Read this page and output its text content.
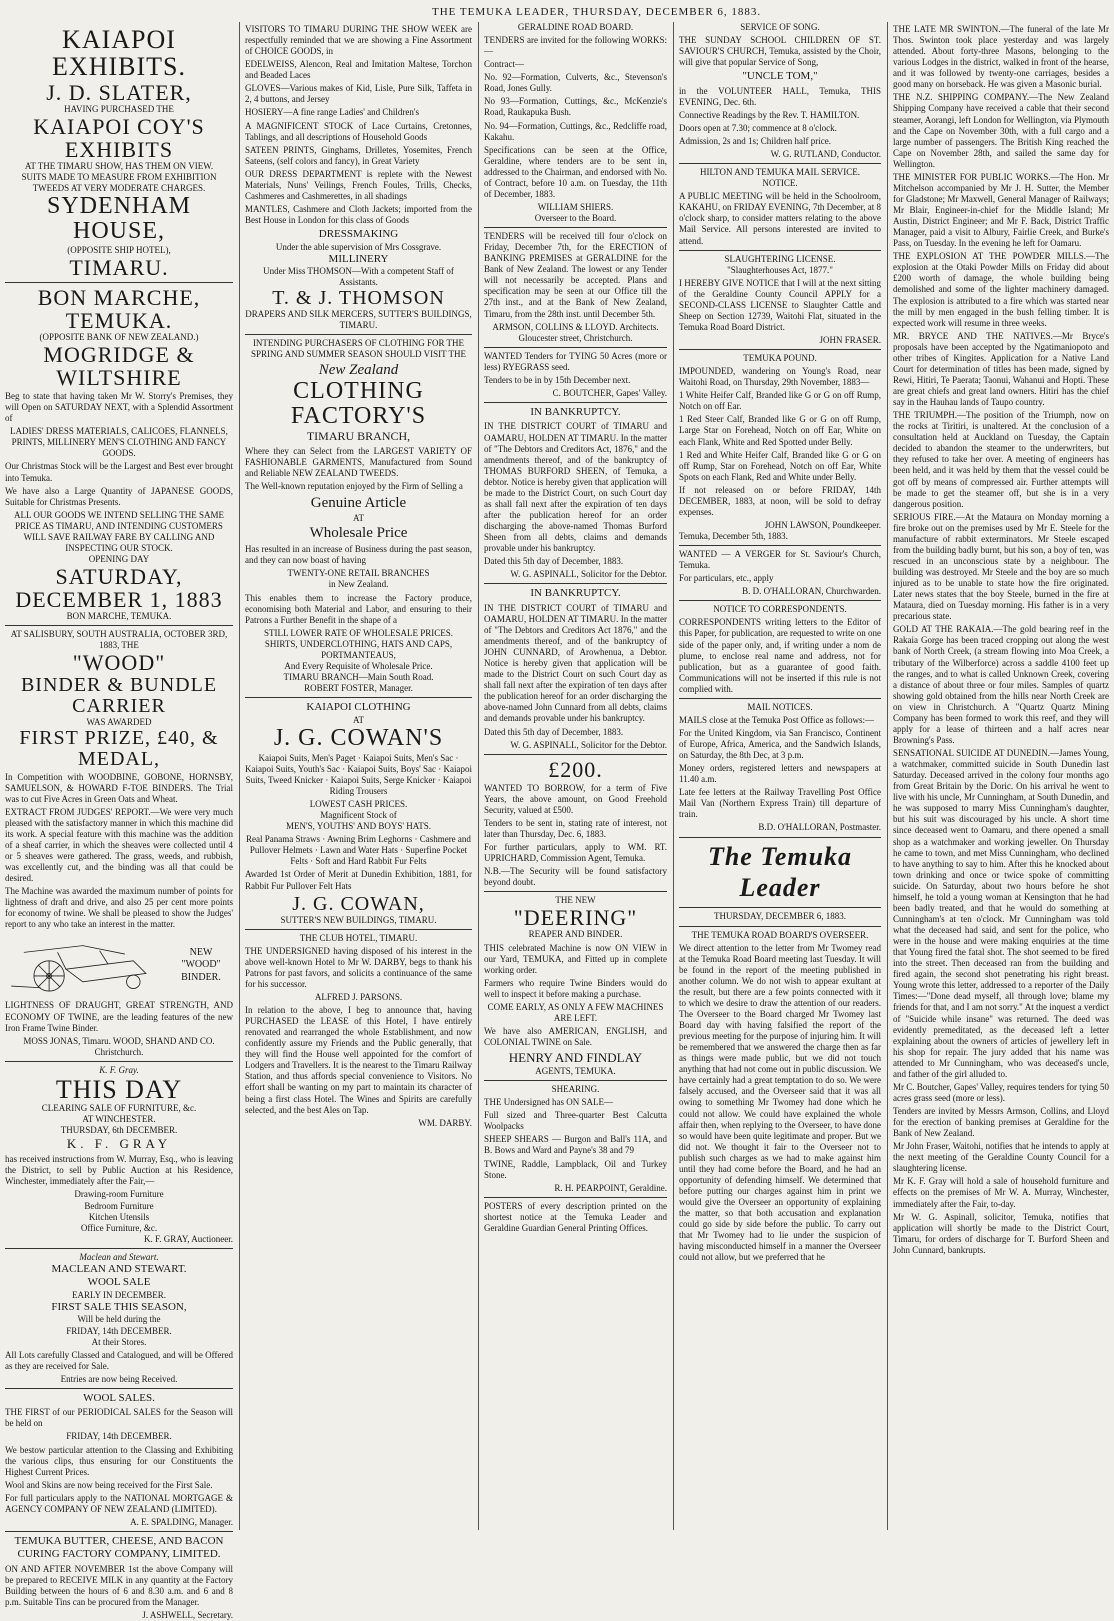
THE TEMUKA LEADER, THURSDAY, DECEMBER 6, 1883.
KAIAPOI EXHIBITS.
J. D. SLATER,
HAVING PURCHASED THE
KAIAPOI COY'S EXHIBITS
AT THE TIMARU SHOW, HAS THEM ON VIEW.
SUITS MADE TO MEASURE FROM EXHIBITION TWEEDS AT VERY MODERATE CHARGES.
SYDENHAM HOUSE,
(OPPOSITE SHIP HOTEL),
TIMARU.
BON MARCHE, TEMUKA.
(OPPOSITE BANK OF NEW ZEALAND.)
MOGRIDGE & WILTSHIRE

Beg to state that having taken Mr W. Storry's Premises, they will Open on SATURDAY NEXT, with a Splendid Assortment of

LADIES' DRESS MATERIALS, CALICOES, FLANNELS, PRINTS, MILLINERY MEN'S CLOTHING AND FANCY GOODS.

Our Christmas Stock will be the Largest and Best ever brought into Temuka.

We have also a Large Quantity of JAPANESE GOODS, Suitable for Christmas Presents.

ALL OUR GOODS WE INTEND SELLING THE SAME PRICE AS TIMARU, AND INTENDING CUSTOMERS WILL SAVE RAILWAY FARE BY CALLING AND INSPECTING OUR STOCK.
OPENING DAY
SATURDAY, DECEMBER 1, 1883
BON MARCHE, TEMUKA.
AT SALISBURY, SOUTH AUSTRALIA, OCTOBER 3RD, 1883, THE
"WOOD"
BINDER & BUNDLE CARRIER
WAS AWARDED
FIRST PRIZE, £40, & MEDAL,

In Competition with WOODBINE, GOBONE, HORNSBY, SAMUELSON, & HOWARD F-TOE BINDERS. The Trial was to cut Five Acres in Green Oats and Wheat.

EXTRACT FROM JUDGES' REPORT.—We were very much pleased with the satisfactory manner in which this machine did its work. A special feature with this machine was the addition of a sheaf carrier, in which the sheaves were collected until 4 or 5 sheaves were gathered. The grass, weeds, and rubbish, was excellently cut, and the binding was all that could be desired.

The Machine was awarded the maximum number of points for lightness of draft and drive, and also 25 per cent more points for economy of twine. We shall be pleased to show the Judges' report to any who take an interest in the matter.

NEW
"WOOD"
BINDER.

LIGHTNESS OF DRAUGHT, GREAT STRENGTH, AND ECONOMY OF TWINE, are the leading features of the new Iron Frame Twine Binder.

MOSS JONAS, Timaru. WOOD, SHAND AND CO. Christchurch.
K. F. Gray.
THIS DAY
CLEARING SALE OF FURNITURE, &c.
AT WINCHESTER.
THURSDAY, 6th DECEMBER.
K. F. GRAY

has received instructions from W. Murray, Esq., who is leaving the District, to sell by Public Auction at his Residence, Winchester, immediately after the Fair,—

Drawing-room Furniture
Bedroom Furniture
Kitchen Utensils
Office Furniture, &c.
K. F. GRAY, Auctioneer.
Maclean and Stewart.
MACLEAN AND STEWART.
WOOL SALE
EARLY IN DECEMBER.
FIRST SALE THIS SEASON,
Will be held during the
FRIDAY, 14th DECEMBER.
At their Stores.

All Lots carefully Classed and Catalogued, and will be Offered as they are received for Sale.

Entries are now being Received.
WOOL SALES.

THE FIRST of our PERIODICAL SALES for the Season will be held on

FRIDAY, 14th DECEMBER.

We bestow particular attention to the Classing and Exhibiting the various clips, thus ensuring for our Constituents the Highest Current Prices.

Wool and Skins are now being received for the First Sale.

For full particulars apply to the NATIONAL MORTGAGE & AGENCY COMPANY OF NEW ZEALAND (LIMITED).

A. E. SPALDING, Manager.
TEMUKA BUTTER, CHEESE, AND BACON CURING FACTORY COMPANY, LIMITED.

ON AND AFTER NOVEMBER 1st the above Company will be prepared to RECEIVE MILK in any quantity at the Factory Building between the hours of 6 and 8.30 a.m. and 6 and 8 p.m. Suitable Tins can be procured from the Manager.

J. ASHWELL, Secretary.

VISITORS TO TIMARU DURING THE SHOW WEEK are respectfully reminded that we are showing a Fine Assortment of CHOICE GOODS, in

EDELWEISS, Alencon, Real and Imitation Maltese, Torchon and Beaded Laces

GLOVES—Various makes of Kid, Lisle, Pure Silk, Taffeta in 2, 4 buttons, and Jersey

HOSIERY—A fine range Ladies' and Children's

A MAGNIFICENT STOCK of Lace Curtains, Cretonnes, Tablings, and all descriptions of Household Goods

SATEEN PRINTS, Ginghams, Drilletes, Yosemites, French Sateens, (self colors and fancy), in Great Variety

OUR DRESS DEPARTMENT is replete with the Newest Materials, Nuns' Veilings, French Foules, Trills, Checks, Cashmeres and Cashmerettes, in all shadings

MANTLES, Cashmere and Cloth Jackets; imported from the Best House in London for this class of Goods

DRESSMAKING
Under the able supervision of Mrs Cossgrave.
MILLINERY
Under Miss THOMSON—With a competent Staff of Assistants.
T. & J. THOMSON
DRAPERS AND SILK MERCERS, SUTTER'S BUILDINGS, TIMARU.
INTENDING PURCHASERS OF CLOTHING FOR THE SPRING AND SUMMER SEASON SHOULD VISIT THE
New Zealand
CLOTHING FACTORY'S
TIMARU BRANCH,

Where they can Select from the LARGEST VARIETY OF FASHIONABLE GARMENTS, Manufactured from Sound and Reliable NEW ZEALAND TWEEDS.

The Well-known reputation enjoyed by the Firm of Selling a

Genuine Article
AT
Wholesale Price

Has resulted in an increase of Business during the past season, and they can now boast of having

TWENTY-ONE RETAIL BRANCHES
in New Zealand.

This enables them to increase the Factory produce, economising both Material and Labor, and ensuring to their Patrons a Further Benefit in the shape of a

STILL LOWER RATE OF WHOLESALE PRICES.
SHIRTS, UNDERCLOTHING, HATS AND CAPS, PORTMANTEAUS,
And Every Requisite of Wholesale Price.
TIMARU BRANCH—Main South Road.
ROBERT FOSTER, Manager.
KAIAPOI CLOTHING
AT
J. G. COWAN'S

Kaiapoi Suits, Men's Paget · Kaiapoi Suits, Men's Sac · Kaiapoi Suits, Youth's Sac · Kaiapoi Suits, Boys' Sac · Kaiapoi Suits, Tweed Knicker · Kaiapoi Suits, Serge Knicker · Kaiapoi Riding Trousers

LOWEST CASH PRICES.
Magnificent Stock of
MEN'S, YOUTHS' AND BOYS' HATS.

Real Panama Straws · Awning Brim Leghorns · Cashmere and Pullover Helmets · Lawn and Water Hats · Superfine Pocket Felts · Soft and Hard Rabbit Fur Felts

Awarded 1st Order of Merit at Dunedin Exhibition, 1881, for Rabbit Fur Pullover Felt Hats

J. G. COWAN,
SUTTER'S NEW BUILDINGS, TIMARU.
THE CLUB HOTEL, TIMARU.

THE UNDERSIGNED having disposed of his interest in the above well-known Hotel to Mr W. DARBY, begs to thank his Patrons for past favors, and solicits a continuance of the same for his successor.

ALFRED J. PARSONS.

In relation to the above, I beg to announce that, having PURCHASED the LEASE of this Hotel, I have entirely renovated and rearranged the whole Establishment, and now confidently assure my Friends and the Public generally, that they will find the House well appointed for the comfort of Lodgers and Travellers. It is the nearest to the Timaru Railway Station, and thus affords special convenience to Visitors. No effort shall be wanting on my part to maintain its character of being a first class Hotel. The Wines and Spirits are carefully selected, and the best Ales on Tap.

WM. DARBY.
GERALDINE ROAD BOARD.

TENDERS are invited for the following WORKS:—

Contract—

No. 92—Formation, Culverts, &c., Stevenson's Road, Jones Gully.

No 93—Formation, Cuttings, &c., McKenzie's Road, Raukapuka Bush.

No. 94—Formation, Cuttings, &c., Redcliffe road, Kakahu.

Specifications can be seen at the Office, Geraldine, where tenders are to be sent in, addressed to the Chairman, and endorsed with No. of Contract, before 10 a.m. on Tuesday, the 11th of December, 1883.

WILLIAM SHIERS.
Overseer to the Board.

TENDERS will be received till four o'clock on Friday, December 7th, for the ERECTION of BANKING PREMISES at GERALDINE for the Bank of New Zealand. The lowest or any Tender will not necessarily be accepted. Plans and specification may be seen at our Office till the 27th inst., and at the Bank of New Zealand, Timaru, from the 28th inst. until December 5th.

ARMSON, COLLINS & LLOYD. Architects.
Gloucester street, Christchurch.

WANTED Tenders for TYING 50 Acres (more or less) RYEGRASS seed.

Tenders to be in by 15th December next.

C. BOUTCHER, Gapes' Valley.
IN BANKRUPTCY.

IN THE DISTRICT COURT of TIMARU and OAMARU, HOLDEN AT TIMARU. In the matter of "The Debtors and Creditors Act, 1876," and the amendments thereof, and of the bankruptcy of THOMAS BURFORD SHEEN, of Temuka, a debtor. Notice is hereby given that application will be made to the District Court, on such Court day as shall fall next after the expiration of ten days after the publication hereof for an order discharging the above-named Thomas Burford Sheen from all debts, claims and demands provable under his bankruptcy.

Dated this 5th day of December, 1883.

W. G. ASPINALL, Solicitor for the Debtor.
IN BANKRUPTCY.

IN THE DISTRICT COURT of TIMARU and OAMARU, HOLDEN AT TIMARU. In the matter of "The Debtors and Creditors Act 1876," and the amendments thereof, and of the bankruptcy of JOHN CUNNARD, of Arowhenua, a Debtor. Notice is hereby given that application will be made to the District Court on such Court day as shall fall next after the expiration of ten days after the publication hereof for an order discharging the above-named John Cunnard from all debts, claims and demands provable under his bankruptcy.

Dated this 5th day of December, 1883.

W. G. ASPINALL, Solicitor for the Debtor.
£200.

WANTED TO BORROW, for a term of Five Years, the above amount, on Good Freehold Security, valued at £500.

Tenders to be sent in, stating rate of interest, not later than Thursday, Dec. 6, 1883.

For further particulars, apply to WM. RT. UPRICHARD, Commission Agent, Temuka.

N.B.—The Security will be found satisfactory beyond doubt.

THE NEW
"DEERING"
REAPER AND BINDER.

THIS celebrated Machine is now ON VIEW in our Yard, TEMUKA, and Fitted up in complete working order.

Farmers who require Twine Binders would do well to inspect it before making a purchase.

COME EARLY, AS ONLY A FEW MACHINES ARE LEFT.

We have also AMERICAN, ENGLISH, and COLONIAL TWINE on Sale.

HENRY AND FINDLAY
AGENTS, TEMUKA.
SHEARING.

THE Undersigned has ON SALE—

Full sized and Three-quarter Best Calcutta Woolpacks

SHEEP SHEARS — Burgon and Ball's 11A, and B. Bows and Ward and Payne's 38 and 79

TWINE, Raddle, Lampblack, Oil and Turkey Stone.

R. H. PEARPOINT, Geraldine.

POSTERS of every description printed on the shortest notice at the Temuka Leader and Geraldine Guardian General Printing Offices.

SERVICE OF SONG.

THE SUNDAY SCHOOL CHILDREN OF ST. SAVIOUR'S CHURCH, Temuka, assisted by the Choir, will give that popular Service of Song,

"UNCLE TOM,"

in the VOLUNTEER HALL, Temuka, THIS EVENING, Dec. 6th.

Connective Readings by the Rev. T. HAMILTON.

Doors open at 7.30; commence at 8 o'clock.

Admission, 2s and 1s; Children half price.

W. G. RUTLAND, Conductor.
HILTON AND TEMUKA MAIL SERVICE.
NOTICE.

A PUBLIC MEETING will be held in the Schoolroom, KAKAHU, on FRIDAY EVENING, 7th December, at 8 o'clock sharp, to consider matters relating to the above Mail Service. All persons interested are invited to attend.

SLAUGHTERING LICENSE.
"Slaughterhouses Act, 1877."

I HEREBY GIVE NOTICE that I will at the next sitting of the Geraldine County Council APPLY for a SECOND-CLASS LICENSE to Slaughter Cattle and Sheep on Section 12739, Waitohi Flat, situated in the Temuka Road Board District.

JOHN FRASER.
TEMUKA POUND.

IMPOUNDED, wandering on Young's Road, near Waitohi Road, on Thursday, 29th November, 1883—

1 White Heifer Calf, Branded like G or G on off Rump, Notch on off Ear.

1 Red Steer Calf, Branded like G or G on off Rump, Large Star on Forehead, Notch on off Ear, White on each Flank, White and Red Spotted under Belly.

1 Red and White Heifer Calf, Branded like G or G on off Rump, Star on Forehead, Notch on off Ear, White Spots on each Flank, Red and White under Belly.

If not released on or before FRIDAY, 14th DECEMBER, 1883, at noon, will be sold to defray expenses.

JOHN LAWSON, Poundkeeper.
Temuka, December 5th, 1883.

WANTED — A VERGER for St. Saviour's Church, Temuka.

For particulars, etc., apply

B. D. O'HALLORAN, Churchwarden.
NOTICE TO CORRESPONDENTS.

CORRESPONDENTS writing letters to the Editor of this Paper, for publication, are requested to write on one side of the paper only, and, if writing under a nom de plume, to enclose real name and address, not for publication, but as a guarantee of good faith. Communications will not be inserted if this rule is not complied with.

MAIL NOTICES.

MAILS close at the Temuka Post Office as follows:—

For the United Kingdom, via San Francisco, Continent of Europe, Africa, America, and the Sandwich Islands, on Saturday, the 8th Dec, at 3 p.m.

Money orders, registered letters and newspapers at 11.40 a.m.

Late fee letters at the Railway Travelling Post Office Mail Van (Northern Express Train) till departure of train.

B.D. O'HALLORAN, Postmaster.
The Temuka Leader
THURSDAY, DECEMBER 6, 1883.
THE TEMUKA ROAD BOARD'S OVERSEER.

We direct attention to the letter from Mr Twomey read at the Temuka Road Board meeting last Tuesday. It will be found in the report of the meeting published in another column. We do not wish to appear exultant at the result, but there are a few points connected with it to which we desire to draw the attention of our readers. The Overseer to the Board charged Mr Twomey last Board day with having falsified the report of the previous meeting for the purpose of injuring him. It will be remembered that we answered the charge then as far as things were made public, but we did not touch anything that had not come out in public discussion. We have certainly had a great temptation to do so. We were falsely accused, and the Overseer said that it was all owing to something Mr Twomey had done which he could not allow. We could have explained the whole affair then, when replying to the Overseer, to have done so would have been quite legitimate and proper. But we did not. We thought it fair to the Overseer not to publish such charges as we had to make against him until they had come before the Board, and he had an opportunity of defending himself. We determined that before putting our charges against him in print we would give the Overseer an opportunity of explaining the matter, so that both accusation and explanation could go side by side before the public. To carry out that Mr Twomey had to lie under the suspicion of having misconducted himself in a manner the Overseer could not allow, but we preferred that he

THE LATE MR SWINTON.—The funeral of the late Mr Thos. Swinton took place yesterday and was largely attended. About forty-three Masons, belonging to the various Lodges in the district, walked in front of the hearse, and it was followed by twenty-one carriages, besides a good many on horseback. He was given a Masonic burial.

THE N.Z. SHIPPING COMPANY.—The New Zealand Shipping Company have received a cable that their second steamer, Aorangi, left London for Wellington, via Plymouth and the Cape on November 30th, with a full cargo and a large number of passengers. The British King reached the Cape on November 28th, and sailed the same day for Wellington.

THE MINISTER FOR PUBLIC WORKS.—The Hon. Mr Mitchelson accompanied by Mr J. H. Sutter, the Member for Gladstone; Mr Maxwell, General Manager of Railways; Mr Blair, Engineer-in-chief for the Middle Island; Mr Austin, District Engineer; and Mr F. Back, District Traffic Manager, paid a visit to Albury, Fairlie Creek, and Burke's Pass, on Tuesday. In the evening he left for Oamaru.

THE EXPLOSION AT THE POWDER MILLS.—The explosion at the Otaki Powder Mills on Friday did about £200 worth of damage, the whole building being demolished and some of the lighter machinery damaged. The explosion is attributed to a fire which was started near the mill by men engaged in the bush felling timber. It is expected work will resume in three weeks.

MR. BRYCE AND THE NATIVES.—Mr Bryce's proposals have been accepted by the Ngatimaniopoto and other tribes of Kingites. Application for a Native Land Court for determination of titles has been made, signed by Rewi, Hitiri, Te Paerata; Taonui, Wahanui and Hopti. These are great chiefs and great land owners. Hitiri has the chief say in the Hauhau lands of Taupo country.

THE TRIUMPH.—The position of the Triumph, now on the rocks at Tiritiri, is unaltered. At the conclusion of a consultation held at Auckland on Tuesday, the Captain decided to abandon the steamer to the underwriters, but they refused to take her over. A meeting of engineers has been held, and it was held by them that the vessel could be got off by means of compressed air. Further attempts will be made to get the steamer off, but she is in a very dangerous position.

SERIOUS FIRE.—At the Mataura on Monday morning a fire broke out on the premises used by Mr E. Steele for the manufacture of rabbit exterminators. Mr Steele escaped from the building badly burnt, but his son, a boy of ten, was rescued in an unconscious state by a neighbour. The building was destroyed. Mr Steele and the boy are so much injured as to be unable to state how the fire originated. Later news states that the boy Steele, burned in the fire at Mataura, died on Tuesday morning. His father is in a very precarious state.

GOLD AT THE RAKAIA.—The gold bearing reef in the Rakaia Gorge has been traced cropping out along the west bank of North Creek, (a stream flowing into Moa Creek, a tributary of the Wilberforce) across a saddle 4100 feet up the ranges, and to what is called Unknown Creek, covering a distance of about three or four miles. Samples of quartz showing gold obtained from the hills near North Creek are on view in Christchurch. A "Quartz Quartz Mining Company has been formed to work this reef, and they will apply for a lease of thirteen and a half acres near Browning's Pass.

SENSATIONAL SUICIDE AT DUNEDIN.—James Young, a watchmaker, committed suicide in South Dunedin last Saturday. Deceased arrived in the colony four months ago from Great Britain by the Doric. On his arrival he went to live with his uncle, Mr Cunningham, at South Dunedin, and he was supposed to marry Miss Cunningham's daughter, but his suit was discouraged by his uncle. A short time since deceased went to Oamaru, and there opened a small shop as a watchmaker and working jeweller. On Thursday he came to town, and met Miss Cunningham, who declined to have anything to say to him. After this he knocked about town drinking and once or twice spoke of committing suicide. On Saturday, about two hours before he shot himself, he told a young woman at Kensington that he had been badly treated, and that he would do something at Cunningham's at ten o'clock. Mr Cunningham was told what the deceased had said, and sent for the police, who were in the house and were making enquiries at the time that Young fired the fatal shot. The shot seemed to be fired into the street. Then deceased ran from the building and fired again, the second shot penetrating his right breast. Young wrote this letter, addressed to a reporter of the Daily Times:—"Done dead myself, all through love; blame my friends for that, and I am not sorry." At the inquest a verdict of "Suicide while insane" was returned. The deed was evidently premeditated, as the deceased left a letter explaining about the owners of articles of jewellery left in his shop for repair. The jury added that his name was attended to Mr Cunningham, who was deceased's uncle, and father of the girl alluded to.

Mr C. Boutcher, Gapes' Valley, requires tenders for tying 50 acres grass seed (more or less).

Tenders are invited by Messrs Armson, Collins, and Lloyd for the erection of banking premises at Geraldine for the Bank of New Zealand.

Mr John Fraser, Waitohi, notifies that he intends to apply at the next meeting of the Geraldine County Council for a slaughtering license.

Mr K. F. Gray will hold a sale of household furniture and effects on the premises of Mr W. A. Murray, Winchester, immediately after the Fair, to-day.

Mr W. G. Aspinall, solicitor, Temuka, notifies that application will shortly be made to the District Court, Timaru, for orders of discharge for T. Burford Sheen and John Cunnard, bankrupts.
